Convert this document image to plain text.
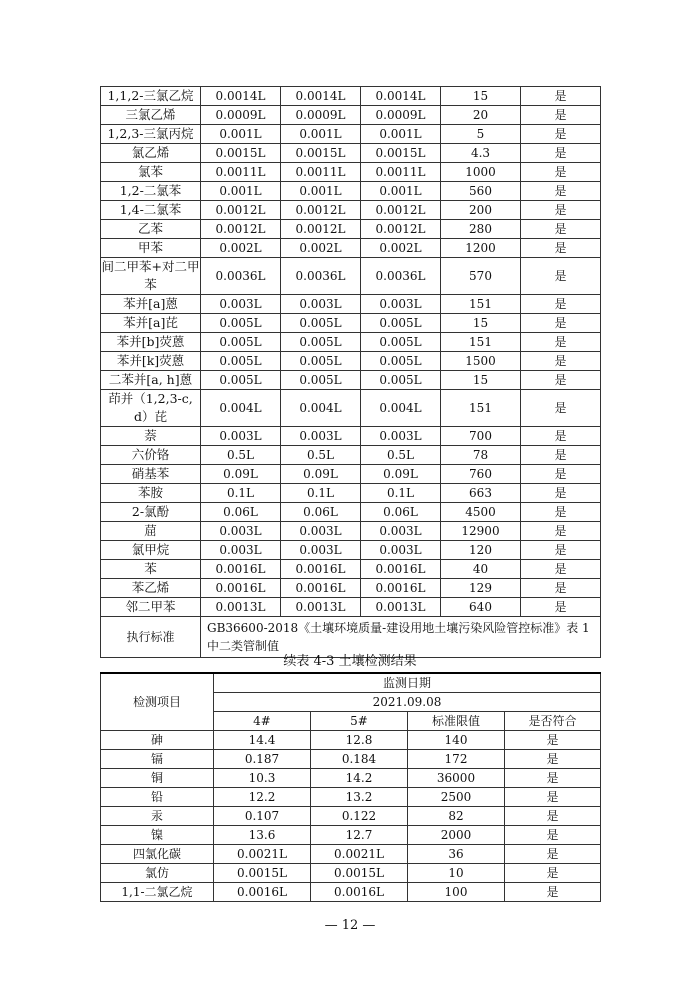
1,1,2-三氯乙烷	0.0014L	0.0014L	0.0014L	15	是
三氯乙烯	0.0009L	0.0009L	0.0009L	20	是
1,2,3-三氯丙烷	0.001L	0.001L	0.001L	5	是
氯乙烯	0.0015L	0.0015L	0.0015L	4.3	是
氯苯	0.0011L	0.0011L	0.0011L	1000	是
1,2-二氯苯	0.001L	0.001L	0.001L	560	是
1,4-二氯苯	0.0012L	0.0012L	0.0012L	200	是
乙苯	0.0012L	0.0012L	0.0012L	280	是
甲苯	0.002L	0.002L	0.002L	1200	是
间二甲苯+对二甲苯	0.0036L	0.0036L	0.0036L	570	是
苯并[a]蒽	0.003L	0.003L	0.003L	151	是
苯并[a]芘	0.005L	0.005L	0.005L	15	是
苯并[b]荧蒽	0.005L	0.005L	0.005L	151	是
苯并[k]荧蒽	0.005L	0.005L	0.005L	1500	是
二苯并[a, h]蒽	0.005L	0.005L	0.005L	15	是
茚并（1,2,3-c, d）芘	0.004L	0.004L	0.004L	151	是
萘	0.003L	0.003L	0.003L	700	是
六价铬	0.5L	0.5L	0.5L	78	是
硝基苯	0.09L	0.09L	0.09L	760	是
苯胺	0.1L	0.1L	0.1L	663	是
2-氯酚	0.06L	0.06L	0.06L	4500	是
䓛	0.003L	0.003L	0.003L	12900	是
氯甲烷	0.003L	0.003L	0.003L	120	是
苯	0.0016L	0.0016L	0.0016L	40	是
苯乙烯	0.0016L	0.0016L	0.0016L	129	是
邻二甲苯	0.0013L	0.0013L	0.0013L	640	是
执行标准	GB36600-2018《土壤环境质量-建设用地土壤污染风险管控标准》表 1 中二类管制值				
续表 4-3 土壤检测结果
检测项目	监测日期			
	2021.09.08			
	4#	5#	标准限值	是否符合
砷	14.4	12.8	140	是
镉	0.187	0.184	172	是
铜	10.3	14.2	36000	是
铅	12.2	13.2	2500	是
汞	0.107	0.122	82	是
镍	13.6	12.7	2000	是
四氯化碳	0.0021L	0.0021L	36	是
氯仿	0.0015L	0.0015L	10	是
1,1-二氯乙烷	0.0016L	0.0016L	100	是
— 12 —
